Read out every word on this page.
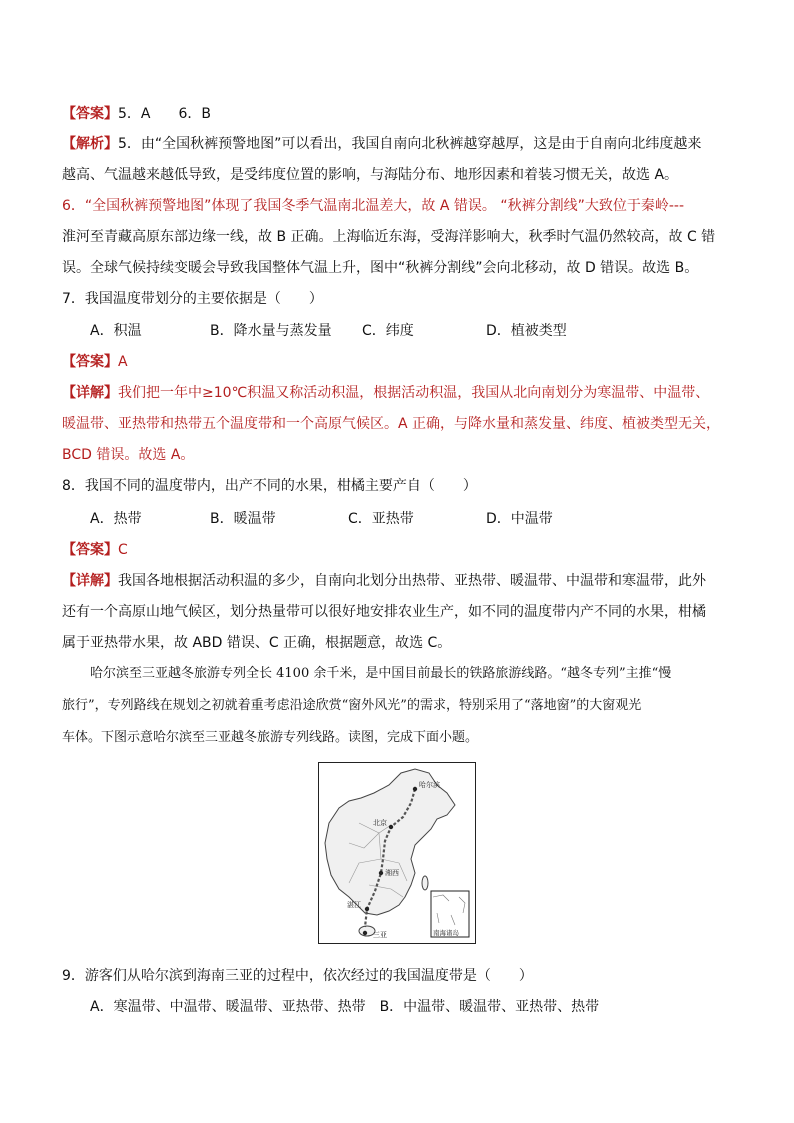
【答案】5．A　　6．B
【解析】5．由“全国秋裤预警地图”可以看出，我国自南向北秋裤越穿越厚，这是由于自南向北纬度越来
越高、气温越来越低导致，是受纬度位置的影响，与海陆分布、地形因素和着装习惯无关，故选 A。
6．“全国秋裤预警地图”体现了我国冬季气温南北温差大，故 A 错误。 “秋裤分割线”大致位于秦岭---
淮河至青藏高原东部边缘一线，故 B 正确。上海临近东海，受海洋影响大，秋季时气温仍然较高，故 C 错
误。全球气候持续变暖会导致我国整体气温上升，图中“秋裤分割线”会向北移动，故 D 错误。故选 B。
7．我国温度带划分的主要依据是（　　）
A．积温	B．降水量与蒸发量 C．纬度	D．植被类型
【答案】A
【详解】我们把一年中≥10℃积温又称活动积温，根据活动积温，我国从北向南划分为寒温带、中温带、
暖温带、亚热带和热带五个温度带和一个高原气候区。A 正确，与降水量和蒸发量、纬度、植被类型无关，
BCD 错误。故选 A。
8．我国不同的温度带内，出产不同的水果，柑橘主要产自（　　）
A．热带	B．暖温带	C．亚热带	D．中温带
【答案】C
【详解】我国各地根据活动积温的多少，自南向北划分出热带、亚热带、暖温带、中温带和寒温带，此外
还有一个高原山地气候区，划分热量带可以很好地安排农业生产，如不同的温度带内产不同的水果，柑橘
属于亚热带水果，故 ABD 错误、C 正确，根据题意，故选 C。
哈尔滨至三亚越冬旅游专列全长 4100 余千米，是中国目前最长的铁路旅游线路。“越冬专列”主推“慢
旅行”，专列路线在规划之初就着重考虑沿途欣赏“窗外风光”的需求，特别采用了“落地窗”的大窗观光
车体。下图示意哈尔滨至三亚越冬旅游专列线路。读图，完成下面小题。
哈尔滨
北京
湘西
湛江
三亚	南海诸岛
9．游客们从哈尔滨到海南三亚的过程中，依次经过的我国温度带是（　　）
A．寒温带、中温带、暖温带、亚热带、热带　B．中温带、暖温带、亚热带、热带
